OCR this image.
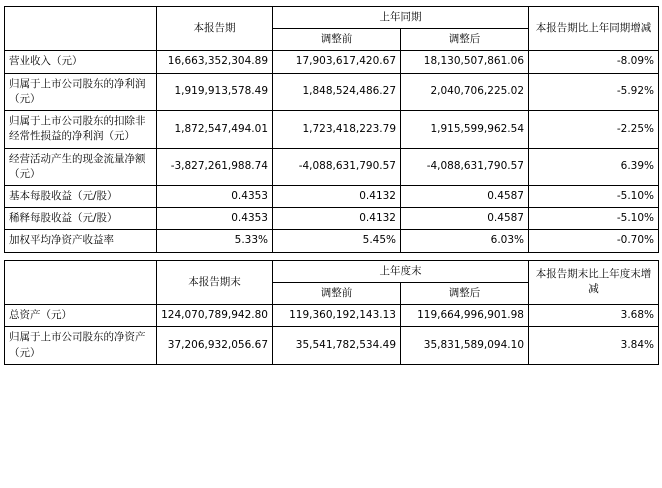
	本报告期	上年同期		本报告期比上年同期增减
		调整前	调整后	
营业收入（元）	16,663,352,304.89	17,903,617,420.67	18,130,507,861.06	-8.09%
归属于上市公司股东的净利润（元）	1,919,913,578.49	1,848,524,486.27	2,040,706,225.02	-5.92%
归属于上市公司股东的扣除非经常性损益的净利润（元）	1,872,547,494.01	1,723,418,223.79	1,915,599,962.54	-2.25%
经营活动产生的现金流量净额（元）	-3,827,261,988.74	-4,088,631,790.57	-4,088,631,790.57	6.39%
基本每股收益（元/股）	0.4353	0.4132	0.4587	-5.10%
稀释每股收益（元/股）	0.4353	0.4132	0.4587	-5.10%
加权平均净资产收益率	5.33%	5.45%	6.03%	-0.70%
	本报告期末	上年度末		本报告期末比上年度末增减
		调整前	调整后	
总资产（元）	124,070,789,942.80	119,360,192,143.13	119,664,996,901.98	3.68%
归属于上市公司股东的净资产（元）	37,206,932,056.67	35,541,782,534.49	35,831,589,094.10	3.84%
